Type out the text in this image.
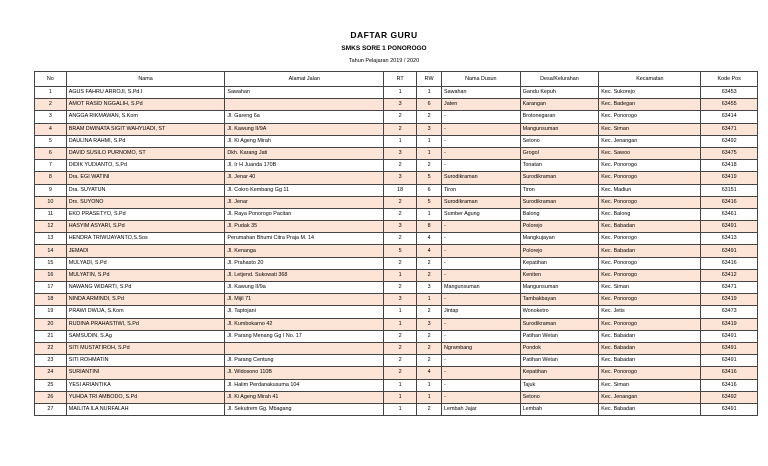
DAFTAR GURU
SMKS SORE 1 PONOROGO
Tahun Pelajaran 2019 / 2020
No	Nama	Alamat Jalan	RT	RW	Nama Dusun	Desa/Kelurahan	Kecamatan	Kode Pos
1	AGUS FAHRU ARROJI, S.Pd.I	Sawahan	1	1	Sawahan	Gandu Kepuh	Kec. Sukorejo	63453
2	AMOT RASID NGGALIH, S.Pd		3	6	Jaten	Karangan	Kec. Badegan	63455
3	ANGGA RIKMAWAN, S.Kom	Jl. Gareng 6a	2	2	-	Brotonegaran	Kec. Ponorogo	63414
4	BRAM DWINATA SIGIT WAHYUADI, ST	Jl. Kawung II/9A	2	3	-	Mangunsuman	Kec. Siman	63471
5	DAULINA RAHMI, S.Pd	Jl. Ki Ageng Mirah	1	1	-	Setono	Kec. Jenangan	63492
6	DAVID SUSILO PURNOMO, ST	Dkh. Karang Jati	3	1	-	Grogol	Kec. Sawoo	63475
7	DIDIK YUDIANTO, S.Pd	Jl. Ir H Juanda 170B	2	2	-	Tonatan	Kec. Ponorogo	63418
8	Dra. EGI WATINI	Jl. Jenar 40	3	5	Surodikraman	Surodikraman	Kec. Ponorogo	63419
9	Dra. SUYATUN	Jl. Cokro Kembang Gg 11	18	6	Tiron	Tiron	Kec. Madiun	63151
10	Drs. SUYONO	Jl. Jenar	2	5	Surodikraman	Surodikraman	Kec. Ponorogo	63416
11	EKO PRASETYO, S.Pd	Jl. Raya Ponorogo Pacitan	2	1	Sumber Agung	Balong	Kec. Balong	63461
12	HASYIM ASYARI, S.Pd	Jl. Pudak 35	3	8	-	Polorejo	Kec. Babadan	63491
13	HENDRA TRIWIJAYANTO,S.Sos	Perumahan Bhumi Citra Praja M. 14	2	4	-	Mangkujayan	Kec. Ponorogo	63413
14	JEMADI	Jl. Kenanga	5	4	-	Polorejo	Kec. Babadan	63491
15	MULYADI, S.Pd	Jl. Prahasto 20	2	2	-	Kepatihan	Kec. Ponorogo	63416
16	MULYATIN, S.Pd	Jl. Letjend. Sukowati 368	1	2	-	Keniten	Kec. Ponorogo	63412
17	NAWANG WIDARTI, S.Pd	Jl. Kawung II/9a	2	3	Mangunsuman	Mangunsuman	Kec. Siman	63471
18	NINDA ARMINDI, S.Pd	Jl. Mijil 71	3	1	-	Tambakbayan	Kec. Ponorogo	63419
19	PRAWI DWIJA, S.Kom	Jl. Taptojani	1	2	Jintap	Wonoketro	Kec. Jetis	63473
20	RUDINA PRAHASTIWI, S.Pd	Jl. Kumbokarno 42	1	3	-	Surodikraman	Kec. Ponorogo	63419
21	SAMSUDIN, S.Ag	Jl. Parang Menang Gg I No. 17	2	2	-	Patihan Wetan	Kec. Babadan	63491
22	SITI MUSTATIROH, S.Pd		2	2	Ngrambang	Pondok	Kec. Babadan	63491
23	SITI ROHMATIN	Jl. Parang Centung	2	2	-	Patihan Wetan	Kec. Babadan	63491
24	SURIANTINI	Jl. Widosono 110B	2	4	-	Kepatihan	Kec. Ponorogo	63416
25	YESI ARIANTIKA	Jl. Halim Perdanakusuma 104	1	1	-	Tajuk	Kec. Siman	63416
26	YUHDA TRI AMBODO, S.Pd	Jl. Ki Ageng Mirah 41	1	1	-	Setono	Kec. Jenangan	63492
27	MAILITA ILA NURFALAH	Jl. Sekutrem Gg. Mbagang	1	2	Lembah Jajar	Lembah	Kec. Babadan	63491
